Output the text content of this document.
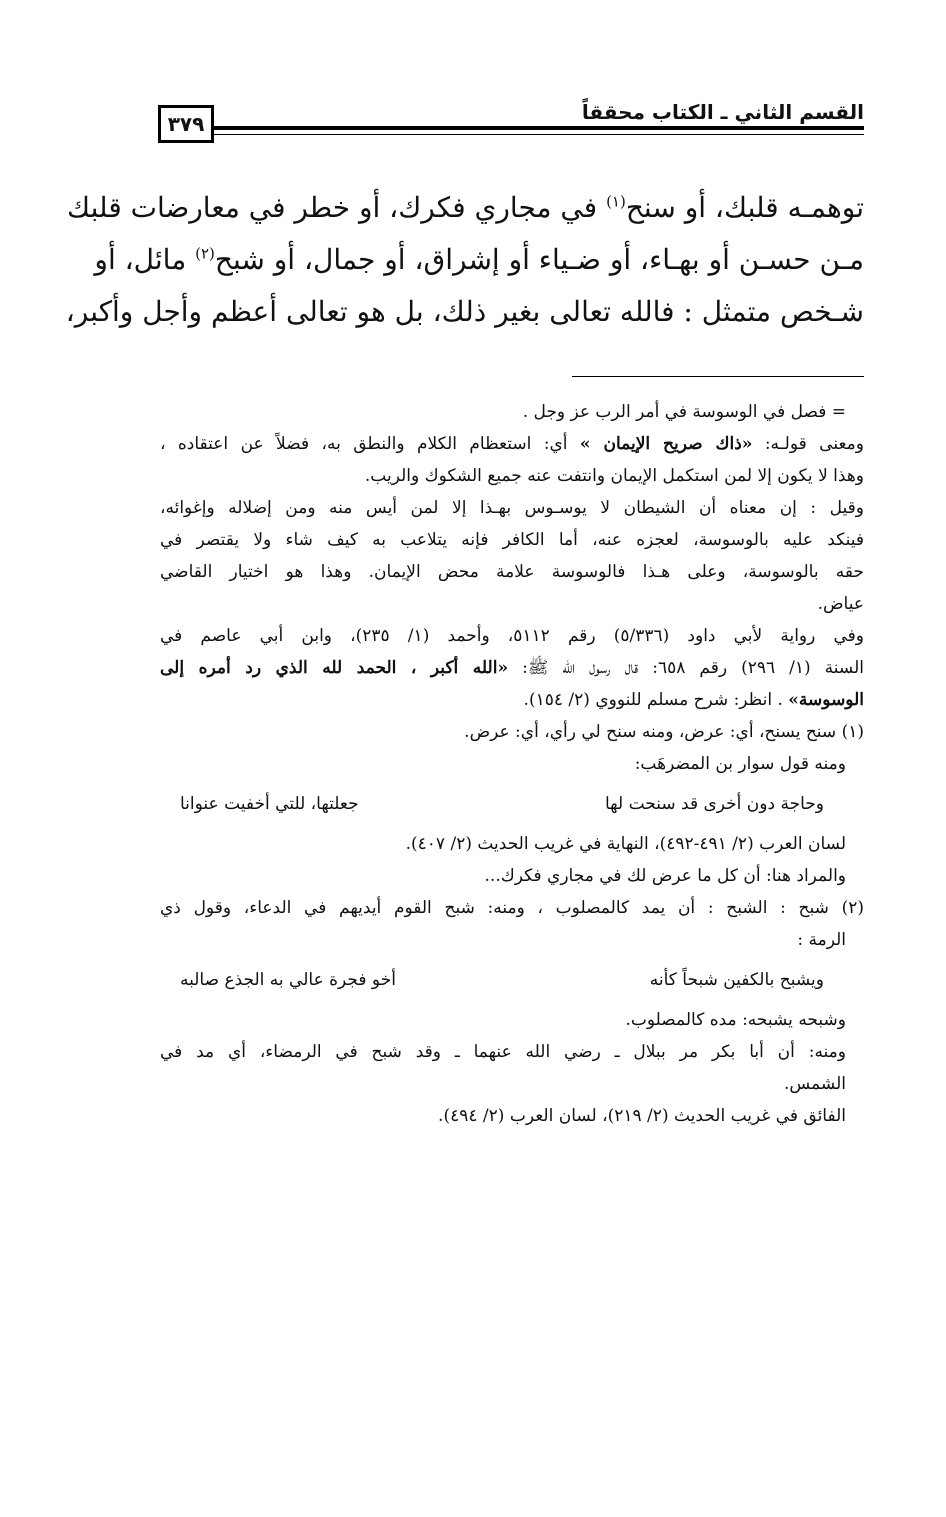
٣٧٩	القسم الثاني ـ الكتاب محققاً
توهمـه قلبك، أو سنح$^{(١)}$ في مجاري فكرك، أو خطر في معارضات قلبك
مـن حسـن أو بهـاء، أو ضـياء أو إشراق، أو جمال، أو شبح$^{(٢)}$ مائل، أو
شـخص متمثل : فالله تعالى بغير ذلك، بل هو تعالى أعظم وأجل وأكبر،
= فصل في الوسوسة في أمر الرب عز وجل .
ومعنى قولـه: «ذاك صريح الإيمان » أي: استعظام الكلام والنطق به، فضلاً عن اعتقاده ،
وهذا لا يكون إلا لمن استكمل الإيمان وانتفت عنه جميع الشكوك والريب.
وقيل : إن معناه أن الشيطان لا يوسـوس بهـذا إلا لمن أيس منه ومن إضلاله وإغوائه،
فينكد عليه بالوسوسة، لعجزه عنه، أما الكافر فإنه يتلاعب به كيف شاء ولا يقتصر في
حقه بالوسوسة، وعلى هـذا فالوسوسة علامة محض الإيمان. وهذا هو اختيار القاضي
عياض.
وفي رواية لأبي داود (٥/٣٣٦) رقم ٥١١٢، وأحمد (١/ ٢٣٥)، وابن أبي عاصم في
السنة (١/ ٢٩٦) رقم ٦٥٨: قال رسول الله ﷺ: «الله أكبر ، الحمد لله الذي رد أمره إلى
الوسوسة» . انظر: شرح مسلم للنووي (٢/ ١٥٤).
(١) سنح يسنح، أي: عرض، ومنه سنح لي رأي، أي: عرض.
ومنه قول سوار بن المضرهَب:
وحاجة دون أخرى قد سنحت لها
جعلتها، للتي أخفيت عنوانا
لسان العرب (٢/ ٤٩١-٤٩٢)، النهاية في غريب الحديث (٢/ ٤٠٧).
والمراد هنا: أن كل ما عرض لك في مجاري فكرك...
(٢) شبح : الشبح : أن يمد كالمصلوب ، ومنه: شبح القوم أيديهم في الدعاء، وقول ذي
الرمة :
ويشبح بالكفين شبحاً كأنه
أخو فجرة عالي به الجذع صالبه
وشبحه يشبحه: مده كالمصلوب.
ومنه: أن أبا بكر مر ببلال ـ رضي الله عنهما ـ وقد شبح في الرمضاء، أي مد في
الشمس.
الفائق في غريب الحديث (٢/ ٢١٩)، لسان العرب (٢/ ٤٩٤).
